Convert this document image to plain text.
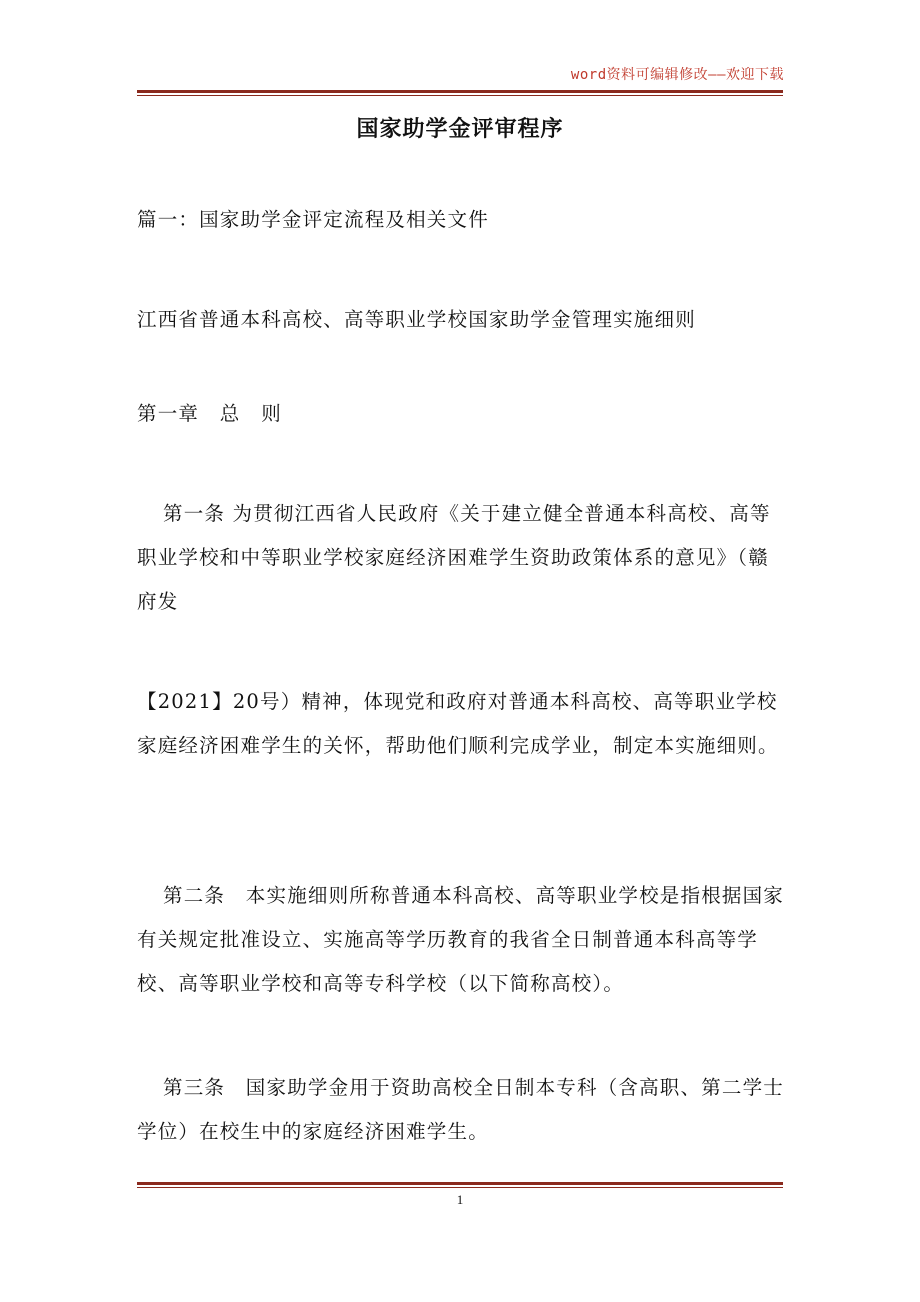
word资料可编辑修改——欢迎下载
国家助学金评审程序

篇一：国家助学金评定流程及相关文件

江西省普通本科高校、高等职业学校国家助学金管理实施细则

第一章　总　则

第一条 为贯彻江西省人民政府《关于建立健全普通本科高校、高等职业学校和中等职业学校家庭经济困难学生资助政策体系的意见》（赣府发

【2021】20号）精神，体现党和政府对普通本科高校、高等职业学校家庭经济困难学生的关怀，帮助他们顺利完成学业，制定本实施细则。

第二条　本实施细则所称普通本科高校、高等职业学校是指根据国家有关规定批准设立、实施高等学历教育的我省全日制普通本科高等学校、高等职业学校和高等专科学校（以下简称高校）。

第三条　国家助学金用于资助高校全日制本专科（含高职、第二学士学位）在校生中的家庭经济困难学生。

1
